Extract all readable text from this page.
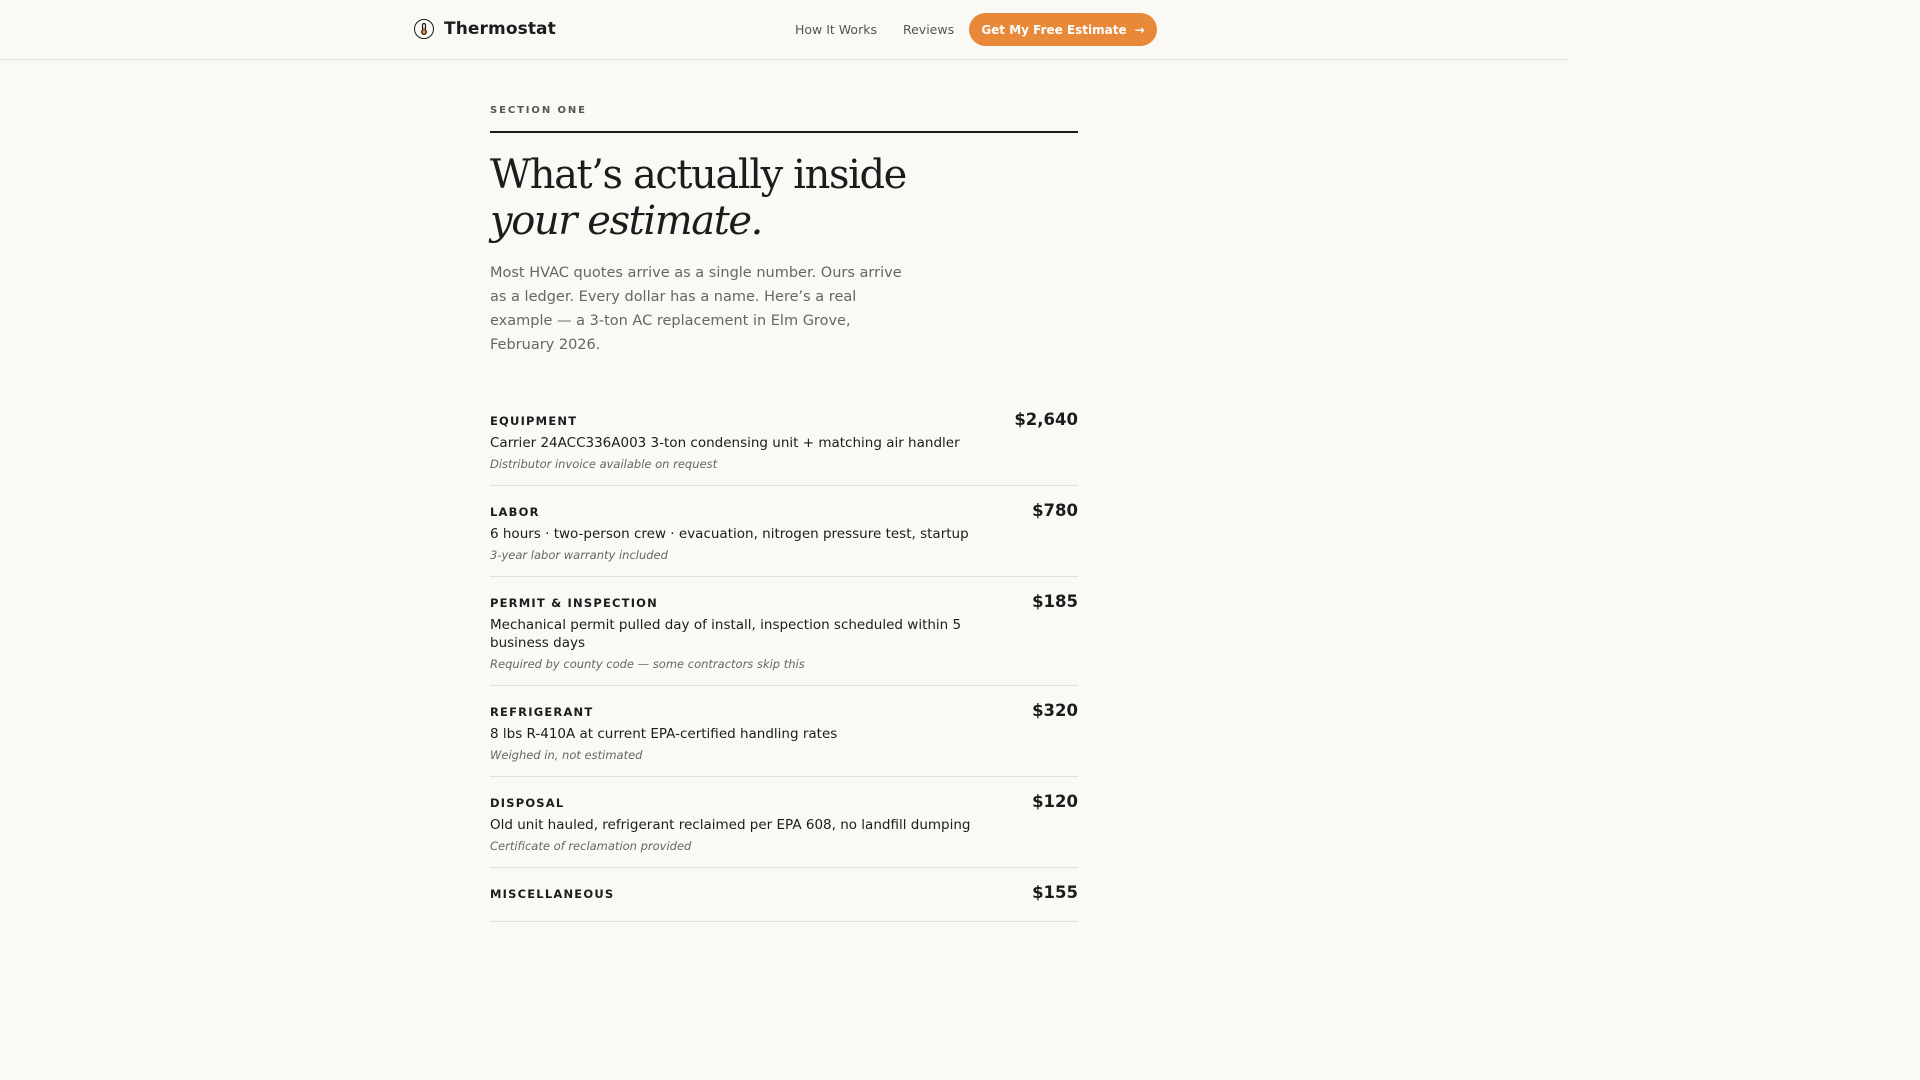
Thermostat	How It Works Reviews Get My Free Estimate →
SECTION ONE
What’s actually inside
your estimate.

Most HVAC quotes arrive as a single number. Ours arrive as a ledger. Every dollar has a name. Here’s a real example — a 3-ton AC replacement in Elm Grove, February 2026.

EQUIPMENT
Carrier 24ACC336A003 3-ton condensing unit + matching air handler
Distributor invoice available on request
$2,640
LABOR
6 hours · two-person crew · evacuation, nitrogen pressure test, startup
3-year labor warranty included
$780
PERMIT & INSPECTION
Mechanical permit pulled day of install, inspection scheduled within 5 business days
Required by county code — some contractors skip this
$185
REFRIGERANT
8 lbs R-410A at current EPA-certified handling rates
Weighed in, not estimated
$320
DISPOSAL
Old unit hauled, refrigerant reclaimed per EPA 608, no landfill dumping
Certificate of reclamation provided
$120
MISCELLANEOUS	$155
